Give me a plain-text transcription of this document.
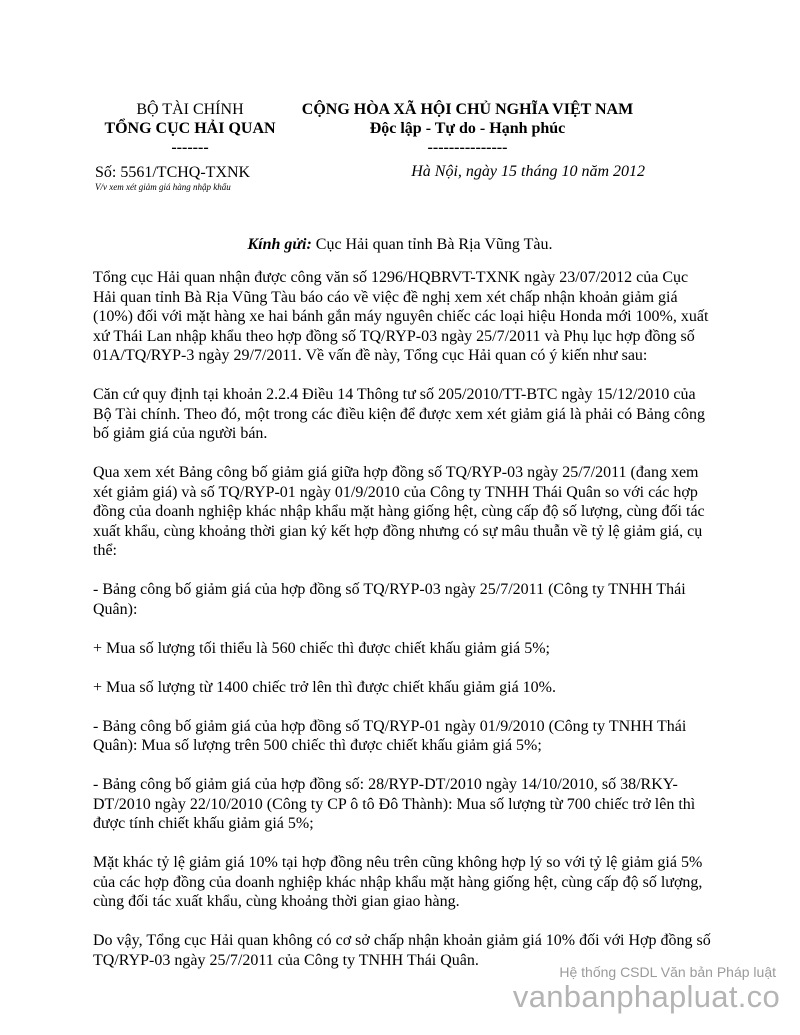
BỘ TÀI CHÍNH
TỔNG CỤC HẢI QUAN
-------
CỘNG HÒA XÃ HỘI CHỦ NGHĨA VIỆT NAM
Độc lập - Tự do - Hạnh phúc
---------------
Số: 5561/TCHQ-TXNK
V/v xem xét giảm giá hàng nhập khẩu
Hà Nội, ngày 15 tháng 10 năm 2012
Kính gửi: Cục Hải quan tỉnh Bà Rịa Vũng Tàu.

Tổng cục Hải quan nhận được công văn số 1296/HQBRVT-TXNK ngày 23/07/2012 của Cục Hải quan tỉnh Bà Rịa Vũng Tàu báo cáo về việc đề nghị xem xét chấp nhận khoản giảm giá (10%) đối với mặt hàng xe hai bánh gắn máy nguyên chiếc các loại hiệu Honda mới 100%, xuất xứ Thái Lan nhập khẩu theo hợp đồng số TQ/RYP-03 ngày 25/7/2011 và Phụ lục hợp đồng số 01A/TQ/RYP-3 ngày 29/7/2011. Về vấn đề này, Tổng cục Hải quan có ý kiến như sau:

Căn cứ quy định tại khoản 2.2.4 Điều 14 Thông tư số 205/2010/TT-BTC ngày 15/12/2010 của Bộ Tài chính. Theo đó, một trong các điều kiện để được xem xét giảm giá là phải có Bảng công bố giảm giá của người bán.

Qua xem xét Bảng công bố giảm giá giữa hợp đồng số TQ/RYP-03 ngày 25/7/2011 (đang xem xét giảm giá) và số TQ/RYP-01 ngày 01/9/2010 của Công ty TNHH Thái Quân so với các hợp đồng của doanh nghiệp khác nhập khẩu mặt hàng giống hệt, cùng cấp độ số lượng, cùng đối tác xuất khẩu, cùng khoảng thời gian ký kết hợp đồng nhưng có sự mâu thuẫn về tỷ lệ giảm giá, cụ thể:

- Bảng công bố giảm giá của hợp đồng số TQ/RYP-03 ngày 25/7/2011 (Công ty TNHH Thái Quân):

+ Mua số lượng tối thiểu là 560 chiếc thì được chiết khấu giảm giá 5%;

+ Mua số lượng từ 1400 chiếc trở lên thì được chiết khấu giảm giá 10%.

- Bảng công bố giảm giá của hợp đồng số TQ/RYP-01 ngày 01/9/2010 (Công ty TNHH Thái Quân): Mua số lượng trên 500 chiếc thì được chiết khấu giảm giá 5%;

- Bảng công bố giảm giá của hợp đồng số: 28/RYP-DT/2010 ngày 14/10/2010, số 38/RKY-DT/2010 ngày 22/10/2010 (Công ty CP ô tô Đô Thành): Mua số lượng từ 700 chiếc trở lên thì được tính chiết khấu giảm giá 5%;

Mặt khác tỷ lệ giảm giá 10% tại hợp đồng nêu trên cũng không hợp lý so với tỷ lệ giảm giá 5% của các hợp đồng của doanh nghiệp khác nhập khẩu mặt hàng giống hệt, cùng cấp độ số lượng, cùng đối tác xuất khẩu, cùng khoảng thời gian giao hàng.

Do vậy, Tổng cục Hải quan không có cơ sở chấp nhận khoản giảm giá 10% đối với Hợp đồng số TQ/RYP-03 ngày 25/7/2011 của Công ty TNHH Thái Quân.

Hệ thống CSDL Văn bản Pháp luật
vanbanphapluat.co
